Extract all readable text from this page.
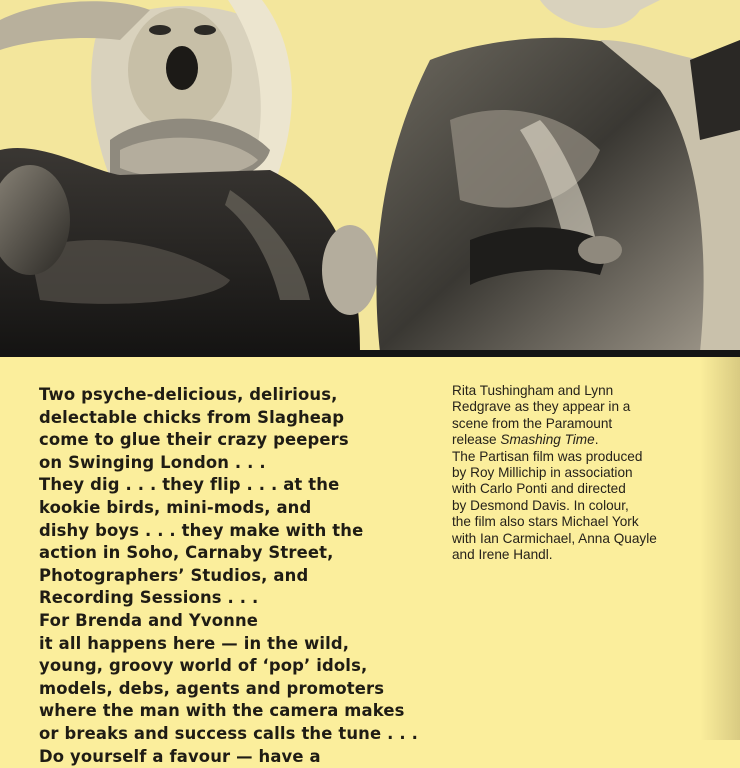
Two psyche-delicious, delirious,
delectable chicks from Slagheap
come to glue their crazy peepers
on Swinging London . . .
They dig . . . they flip . . . at the
kookie birds, mini-mods, and
dishy boys . . . they make with the
action in Soho, Carnaby Street,
Photographers’ Studios, and
Recording Sessions . . .
For Brenda and Yvonne
it all happens here — in the wild,
young, groovy world of ‘pop’ idols,
models, debs, agents and promoters
where the man with the camera makes
or breaks and success calls the tune . . .
Do yourself a favour — have a
Rita Tushingham and Lynn
Redgrave as they appear in a
scene from the Paramount
release Smashing Time.
The Partisan film was produced
by Roy Millichip in association
with Carlo Ponti and directed
by Desmond Davis. In colour,
the film also stars Michael York
with Ian Carmichael, Anna Quayle
and Irene Handl.
